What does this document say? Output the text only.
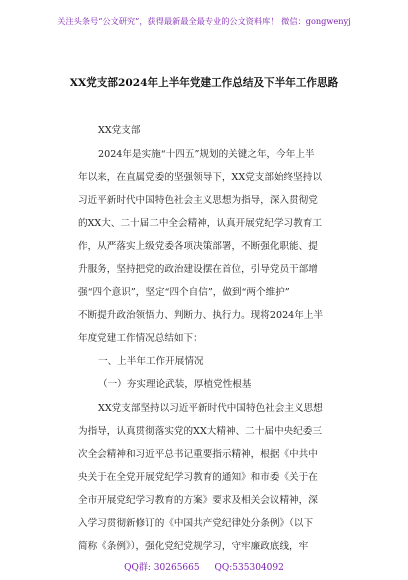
关注头条号“公文研究”，获得最新最全最专业的公文资料库！ 微信：gongwenyj
XX党支部2024年上半年党建工作总结及下半年工作思路
XX党支部
2024年是实施“十四五”规划的关键之年，今年上半
年以来，在直属党委的坚强领导下，XX党支部始终坚持以
习近平新时代中国特色社会主义思想为指导，深入贯彻党
的XX大、二十届二中全会精神，认真开展党纪学习教育工
作，从严落实上级党委各项决策部署，不断强化职能、提
升服务，坚持把党的政治建设摆在首位，引导党员干部增
强“四个意识”，坚定“四个自信”，做到“两个维护”
不断提升政治领悟力、判断力、执行力。现将2024年上半
年度党建工作情况总结如下：
一、上半年工作开展情况
（一）夯实理论武装，厚植党性根基
XX党支部坚持以习近平新时代中国特色社会主义思想
为指导，认真贯彻落实党的XX大精神、二十届中央纪委三
次全会精神和习近平总书记重要指示精神，根据《中共中
央关于在全党开展党纪学习教育的通知》和市委《关于在
全市开展党纪学习教育的方案》要求及相关会议精神，深
入学习贯彻新修订的《中国共产党纪律处分条例》（以下
简称《条例》），强化党纪党规学习，守牢廉政底线，牢
QQ群: 30265665 QQ:535304092
